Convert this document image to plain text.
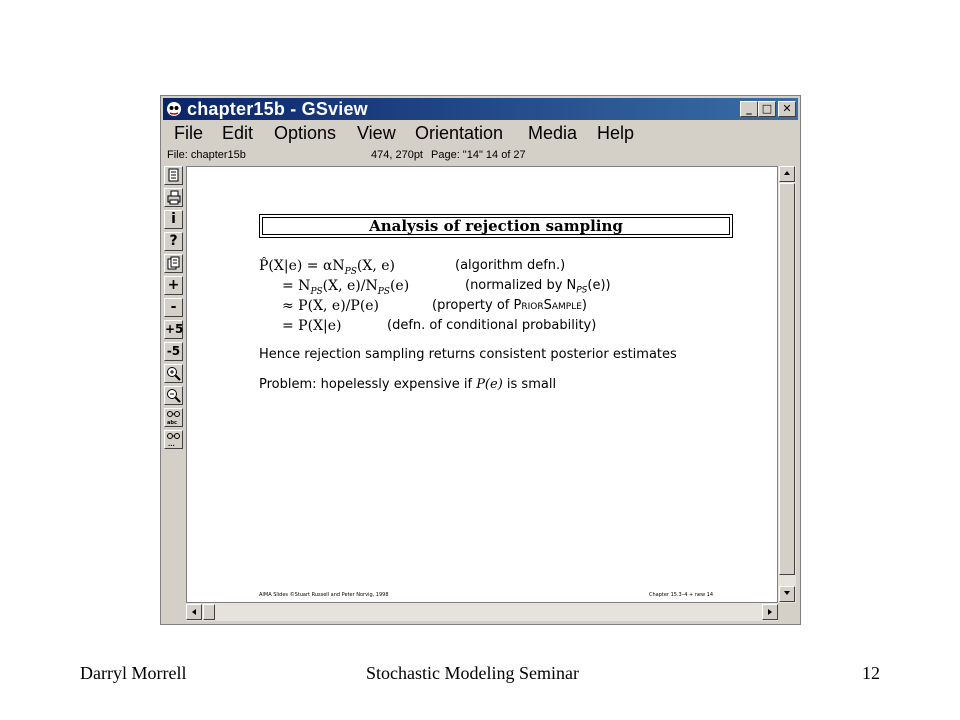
chapter15b - GSview	_ □ ✕
File Edit Options View Orientation Media Help
File: chapter15b	474, 270pt Page: "14" 14 of 27
i
?
+
-
+5
-5
abc
...
Analysis of rejection sampling
P̂(X|e) = $\alpha N_{PS}(X$, e)	(algorithm defn.)
= $N_{PS}(X$, $e)/N_{PS}(e)$	(normalized by $N_{PS}(e)$)
≈ P(X, e)/P(e)	(property of PriorSample)
= P(X|e)	(defn. of conditional probability)
Hence rejection sampling returns consistent posterior estimates
Problem: hopelessly expensive if P(e) is small
AIMA Slides ©Stuart Russell and Peter Norvig, 1998	Chapter 15.3–4 + new 14
Darryl Morrell	Stochastic Modeling Seminar	12
